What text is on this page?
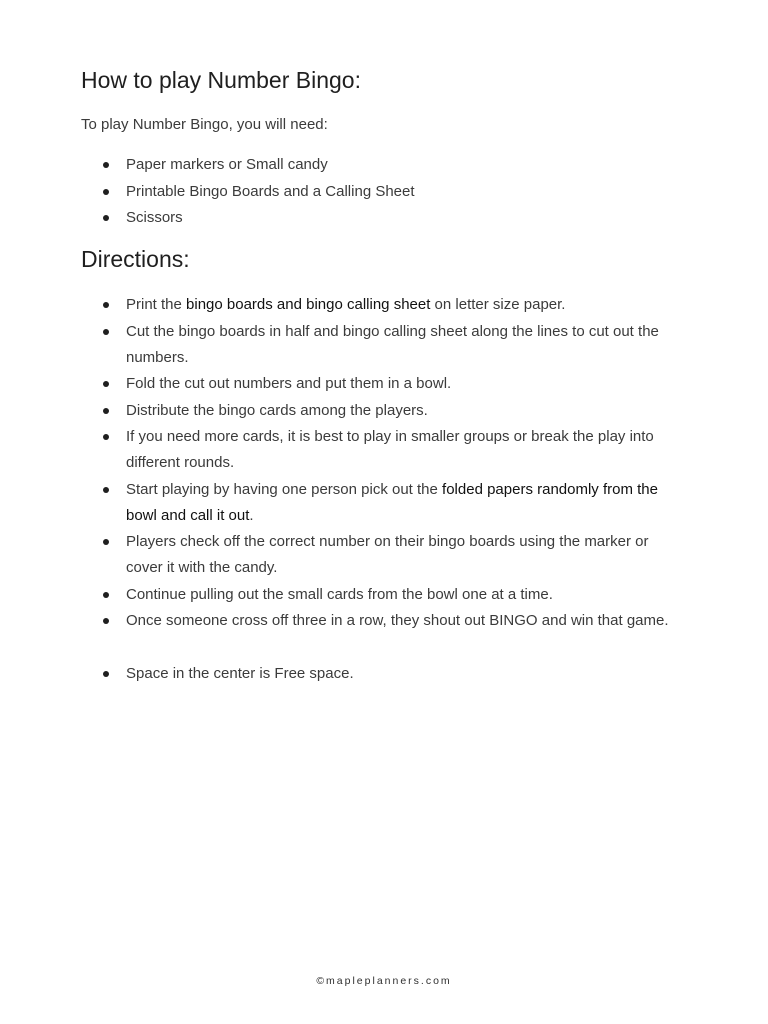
How to play Number Bingo:

To play Number Bingo, you will need:

Paper markers or Small candy
Printable Bingo Boards and a Calling Sheet
Scissors
Directions:
Print the bingo boards and bingo calling sheet on letter size paper.
Cut the bingo boards in half and bingo calling sheet along the lines to cut out the numbers.
Fold the cut out numbers and put them in a bowl.
Distribute the bingo cards among the players.
If you need more cards, it is best to play in smaller groups or break the play into different rounds.
Start playing by having one person pick out the folded papers randomly from the bowl and call it out.
Players check off the correct number on their bingo boards using the marker or cover it with the candy.
Continue pulling out the small cards from the bowl one at a time.
Once someone cross off three in a row, they shout out BINGO and win that game.
Space in the center is Free space.
©mapleplanners.com
